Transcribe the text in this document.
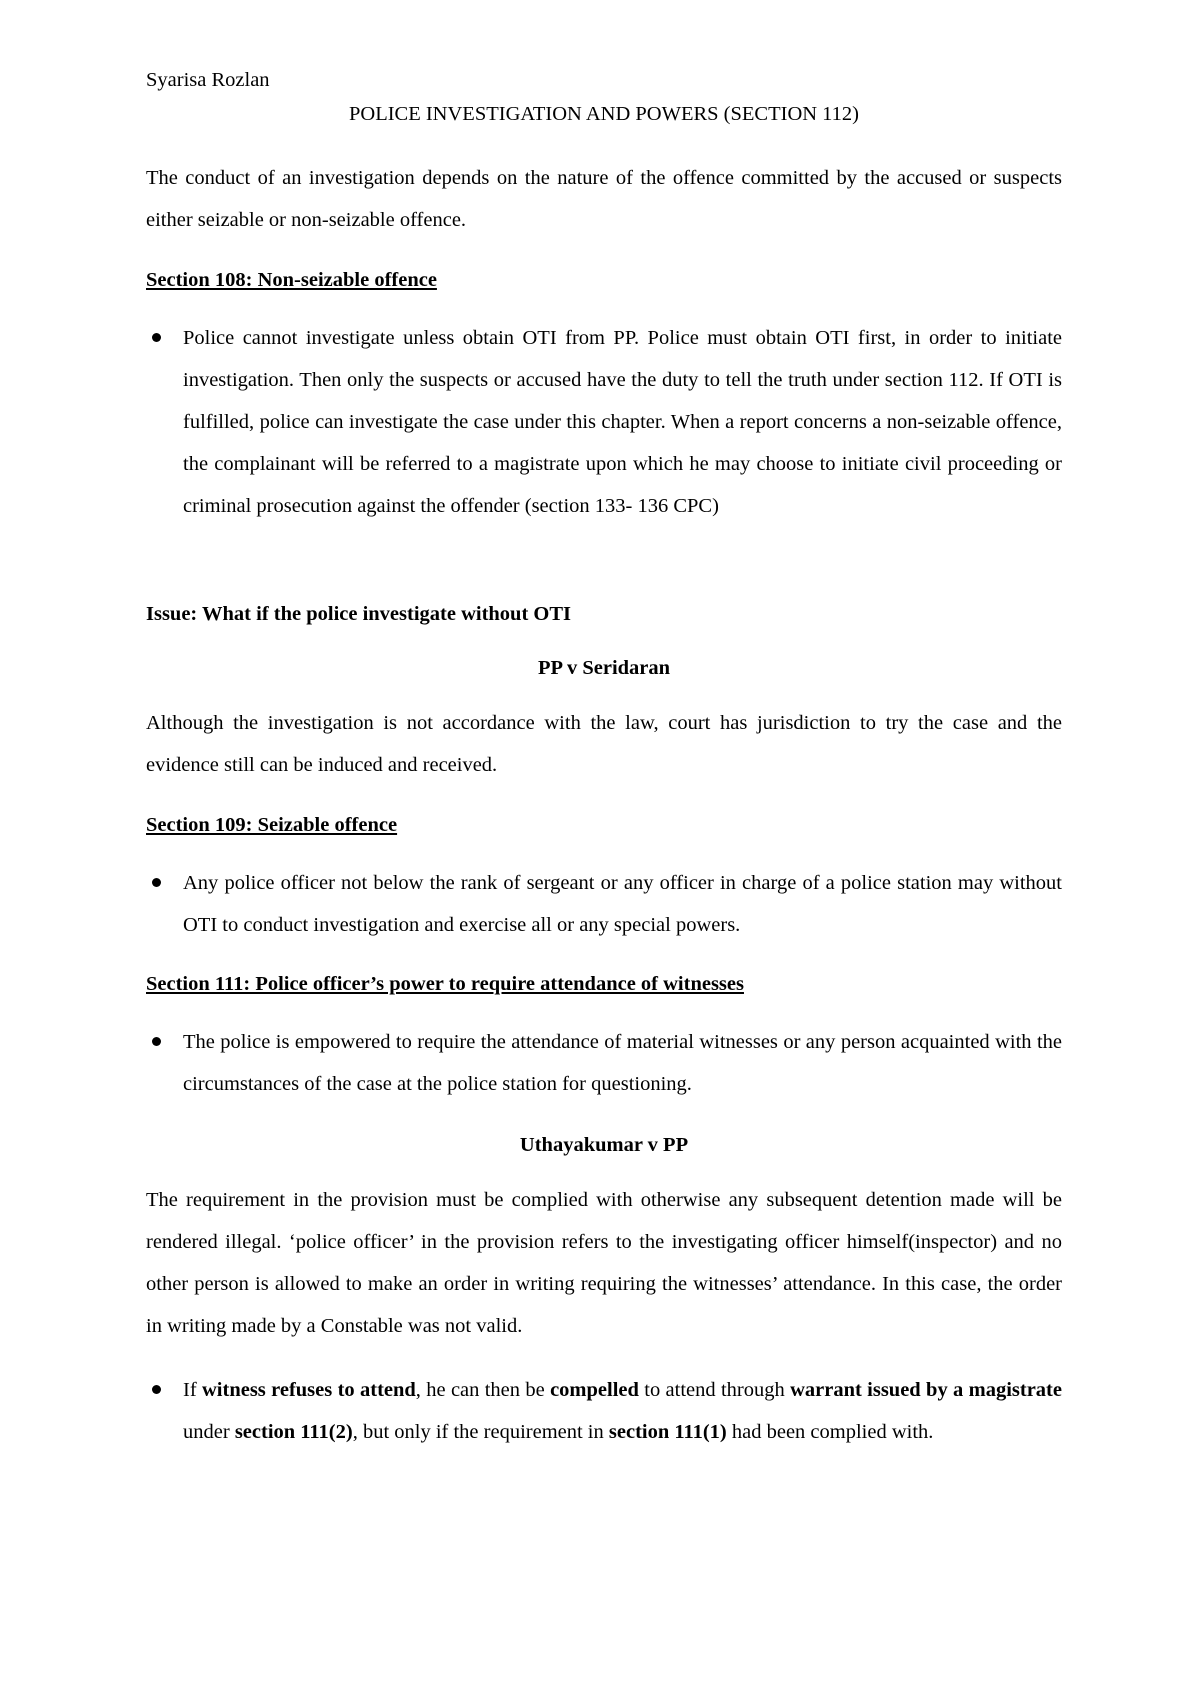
Syarisa Rozlan
POLICE INVESTIGATION AND POWERS (SECTION 112)

The conduct of an investigation depends on the nature of the offence committed by the accused or suspects either seizable or non-seizable offence.

Section 108: Non-seizable offence

Police cannot investigate unless obtain OTI from PP. Police must obtain OTI first, in order to initiate investigation. Then only the suspects or accused have the duty to tell the truth under section 112. If OTI is fulfilled, police can investigate the case under this chapter. When a report concerns a non-seizable offence, the complainant will be referred to a magistrate upon which he may choose to initiate civil proceeding or criminal prosecution against the offender (section 133- 136 CPC)

Issue: What if the police investigate without OTI
PP v Seridaran

Although the investigation is not accordance with the law, court has jurisdiction to try the case and the evidence still can be induced and received.

Section 109: Seizable offence

Any police officer not below the rank of sergeant or any officer in charge of a police station may without OTI to conduct investigation and exercise all or any special powers.

Section 111: Police officer’s power to require attendance of witnesses

The police is empowered to require the attendance of material witnesses or any person acquainted with the circumstances of the case at the police station for questioning.

Uthayakumar v PP

The requirement in the provision must be complied with otherwise any subsequent detention made will be rendered illegal. ‘police officer’ in the provision refers to the investigating officer himself(inspector) and no other person is allowed to make an order in writing requiring the witnesses’ attendance. In this case, the order in writing made by a Constable was not valid.

If witness refuses to attend, he can then be compelled to attend through warrant issued by a magistrate under section 111(2), but only if the requirement in section 111(1) had been complied with.
